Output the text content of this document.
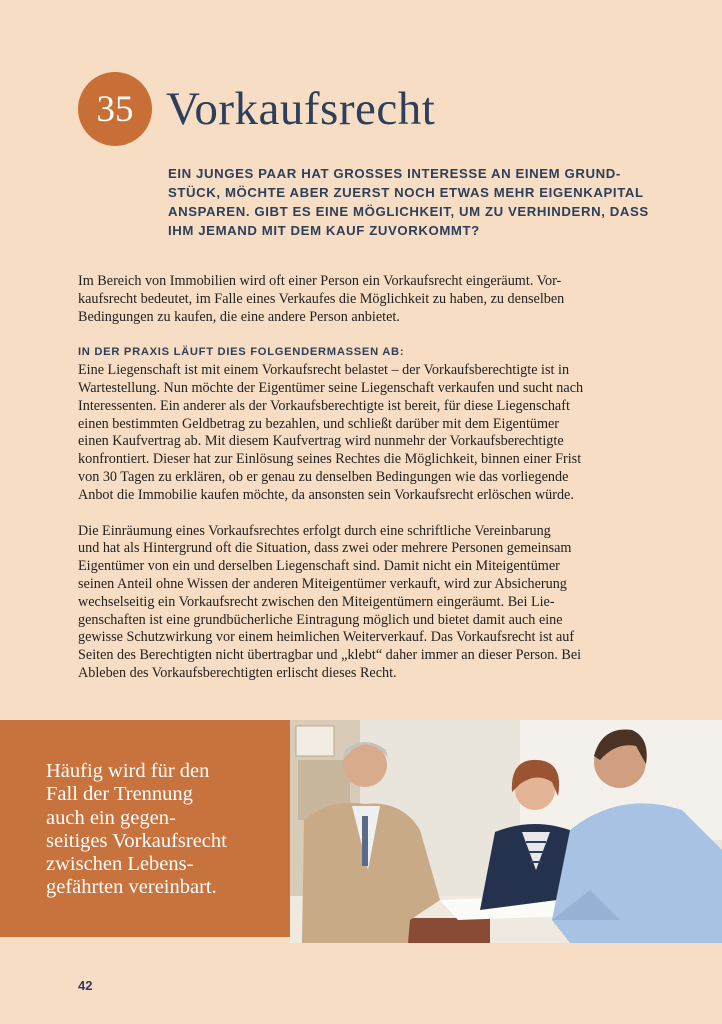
35 Vorkaufsrecht
EIN JUNGES PAAR HAT GROSSES INTERESSE AN EINEM GRUND-
STÜCK, MÖCHTE ABER ZUERST NOCH ETWAS MEHR EIGENKAPITAL
ANSPAREN. GIBT ES EINE MÖGLICHKEIT, UM ZU VERHINDERN, DASS
IHM JEMAND MIT DEM KAUF ZUVORKOMMT?
Im Bereich von Immobilien wird oft einer Person ein Vorkaufsrecht eingeräumt. Vor-
kaufsrecht bedeutet, im Falle eines Verkaufes die Möglichkeit zu haben, zu denselben
Bedingungen zu kaufen, die eine andere Person anbietet.
IN DER PRAXIS LÄUFT DIES FOLGENDERMASSEN AB:
Eine Liegenschaft ist mit einem Vorkaufsrecht belastet – der Vorkaufsberechtigte ist in
Wartestellung. Nun möchte der Eigentümer seine Liegenschaft verkaufen und sucht nach
Interessenten. Ein anderer als der Vorkaufsberechtigte ist bereit, für diese Liegenschaft
einen bestimmten Geldbetrag zu bezahlen, und schließt darüber mit dem Eigentümer
einen Kaufvertrag ab. Mit diesem Kaufvertrag wird nunmehr der Vorkaufsberechtigte
konfrontiert. Dieser hat zur Einlösung seines Rechtes die Möglichkeit, binnen einer Frist
von 30 Tagen zu erklären, ob er genau zu denselben Bedingungen wie das vorliegende
Anbot die Immobilie kaufen möchte, da ansonsten sein Vorkaufsrecht erlöschen würde.
Die Einräumung eines Vorkaufsrechtes erfolgt durch eine schriftliche Vereinbarung
und hat als Hintergrund oft die Situation, dass zwei oder mehrere Personen gemeinsam
Eigentümer von ein und derselben Liegenschaft sind. Damit nicht ein Miteigentümer
seinen Anteil ohne Wissen der anderen Miteigentümer verkauft, wird zur Absicherung
wechselseitig ein Vorkaufsrecht zwischen den Miteigentümern eingeräumt. Bei Lie-
genschaften ist eine grundbücherliche Eintragung möglich und bietet damit auch eine
gewisse Schutzwirkung vor einem heimlichen Weiterverkauf. Das Vorkaufsrecht ist auf
Seiten des Berechtigten nicht übertragbar und „klebt“ daher immer an dieser Person. Bei
Ableben des Vorkaufsberechtigten erlischt dieses Recht.
Häufig wird für den
Fall der Trennung
auch ein gegen-
seitiges Vorkaufsrecht
zwischen Lebens-
gefährten vereinbart.
42
